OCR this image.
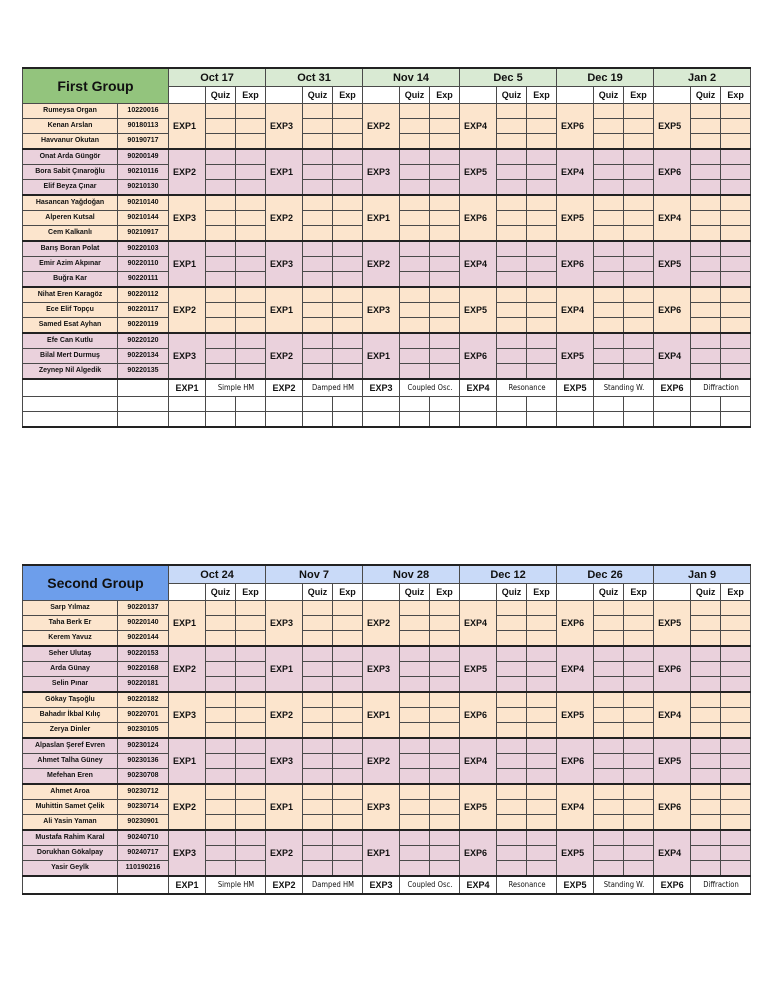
First Group		Oct 17			Oct 31			Nov 14			Dec 5			Dec 19			Jan 2		
			Quiz	Exp		Quiz	Exp		Quiz	Exp		Quiz	Exp		Quiz	Exp		Quiz	Exp
Rumeysa Organ	10220016	EXP1			EXP3			EXP2			EXP4			EXP6			EXP5		
Kenan Arslan	90180113																		
Havvanur Okutan	90190717																		
Onat Arda Güngör	90200149	EXP2			EXP1			EXP3			EXP5			EXP4			EXP6		
Bora Sabit Çınaroğlu	90210116																		
Elif Beyza Çınar	90210130																		
Hasancan Yağdoğan	90210140	EXP3			EXP2			EXP1			EXP6			EXP5			EXP4		
Alperen Kutsal	90210144																		
Cem Kalkanlı	90210917																		
Barış Boran Polat	90220103	EXP1			EXP3			EXP2			EXP4			EXP6			EXP5		
Emir Azim Akpınar	90220110																		
Buğra Kar	90220111																		
Nihat Eren Karagöz	90220112	EXP2			EXP1			EXP3			EXP5			EXP4			EXP6		
Ece Elif Topçu	90220117																		
Samed Esat Ayhan	90220119																		
Efe Can Kutlu	90220120	EXP3			EXP2			EXP1			EXP6			EXP5			EXP4		
Bilal Mert Durmuş	90220134																		
Zeynep Nil Algedik	90220135																		
		EXP1	Simple HM		EXP2	Damped HM		EXP3	Coupled Osc.		EXP4	Resonance		EXP5	Standing W.		EXP6	Diffraction	

Second Group		Oct 24			Nov 7			Nov 28			Dec 12			Dec 26			Jan 9		
			Quiz	Exp		Quiz	Exp		Quiz	Exp		Quiz	Exp		Quiz	Exp		Quiz	Exp
Sarp Yılmaz	90220137	EXP1			EXP3			EXP2			EXP4			EXP6			EXP5		
Taha Berk Er	90220140																		
Kerem Yavuz	90220144																		
Seher Ulutaş	90220153	EXP2			EXP1			EXP3			EXP5			EXP4			EXP6		
Arda Günay	90220168																		
Selin Pınar	90220181																		
Gökay Taşoğlu	90220182	EXP3			EXP2			EXP1			EXP6			EXP5			EXP4		
Bahadır İkbal Kılıç	90220701																		
Zerya Dinler	90230105																		
Alpaslan Şeref Evren	90230124	EXP1			EXP3			EXP2			EXP4			EXP6			EXP5		
Ahmet Talha Güney	90230136																		
Mefehan Eren	90230708																		
Ahmet Aroa	90230712	EXP2			EXP1			EXP3			EXP5			EXP4			EXP6		
Muhittin Samet Çelik	90230714																		
Ali Yasin Yaman	90230901																		
Mustafa Rahim Karal	90240710	EXP3			EXP2			EXP1			EXP6			EXP5			EXP4		
Dorukhan Gökalpay	90240717																		
Yasir Geylk	110190216																		
		EXP1	Simple HM		EXP2	Damped HM		EXP3	Coupled Osc.		EXP4	Resonance		EXP5	Standing W.		EXP6	Diffraction	
